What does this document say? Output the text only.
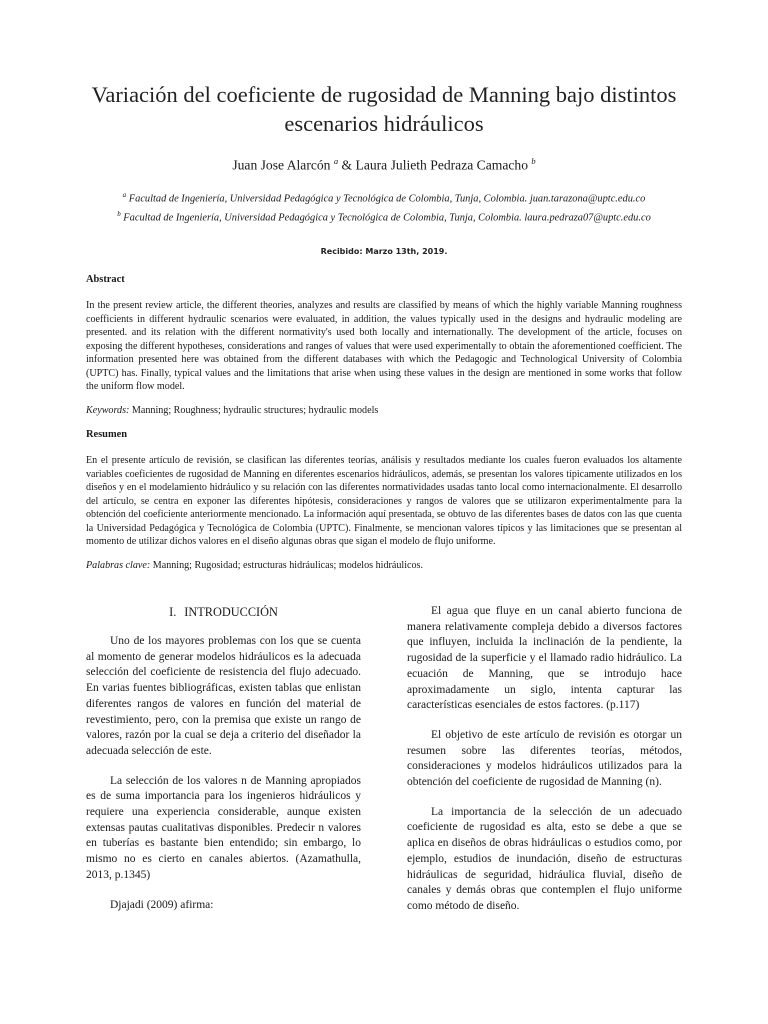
Variación del coeficiente de rugosidad de Manning bajo distintos
escenarios hidráulicos
Juan Jose Alarcón $^a$ & Laura Julieth Pedraza Camacho $^b$
$^a$ Facultad de Ingeniería, Universidad Pedagógica y Tecnológica de Colombia, Tunja, Colombia. juan.tarazona@uptc.edu.co
$^b$ Facultad de Ingeniería, Universidad Pedagógica y Tecnológica de Colombia, Tunja, Colombia. laura.pedraza07@uptc.edu.co
Recibido: Marzo 13th, 2019.
Abstract
In the present review article, the different theories, analyzes and results are classified by means of which the highly variable Manning roughness coefficients in different hydraulic scenarios were evaluated, in addition, the values typically used in the designs and hydraulic modeling are presented. and its relation with the different normativity's used both locally and internationally. The development of the article, focuses on exposing the different hypotheses, considerations and ranges of values that were used experimentally to obtain the aforementioned coefficient. The information presented here was obtained from the different databases with which the Pedagogic and Technological University of Colombia (UPTC) has. Finally, typical values and the limitations that arise when using these values in the design are mentioned in some works that follow the uniform flow model.
Keywords: Manning; Roughness; hydraulic structures; hydraulic models
Resumen
En el presente artículo de revisión, se clasifican las diferentes teorías, análisis y resultados mediante los cuales fueron evaluados los altamente variables coeficientes de rugosidad de Manning en diferentes escenarios hidráulicos, además, se presentan los valores típicamente utilizados en los diseños y en el modelamiento hidráulico y su relación con las diferentes normatividades usadas tanto local como internacionalmente. El desarrollo del artículo, se centra en exponer las diferentes hipótesis, consideraciones y rangos de valores que se utilizaron experimentalmente para la obtención del coeficiente anteriormente mencionado. La información aquí presentada, se obtuvo de las diferentes bases de datos con las que cuenta la Universidad Pedagógica y Tecnológica de Colombia (UPTC). Finalmente, se mencionan valores típicos y las limitaciones que se presentan al momento de utilizar dichos valores en el diseño algunas obras que sigan el modelo de flujo uniforme.
Palabras clave: Manning; Rugosidad; estructuras hidráulicas; modelos hidráulicos.

I. INTRODUCCIÓN

Uno de los mayores problemas con los que se cuenta al momento de generar modelos hidráulicos es la adecuada selección del coeficiente de resistencia del flujo adecuado. En varias fuentes bibliográficas, existen tablas que enlistan diferentes rangos de valores en función del material de revestimiento, pero, con la premisa que existe un rango de valores, razón por la cual se deja a criterio del diseñador la adecuada selección de este.

La selección de los valores n de Manning apropiados es de suma importancia para los ingenieros hidráulicos y requiere una experiencia considerable, aunque existen extensas pautas cualitativas disponibles. Predecir n valores en tuberías es bastante bien entendido; sin embargo, lo mismo no es cierto en canales abiertos. (Azamathulla, 2013, p.1345)

Djajadi (2009) afirma:

El agua que fluye en un canal abierto funciona de manera relativamente compleja debido a diversos factores que influyen, incluida la inclinación de la pendiente, la rugosidad de la superficie y el llamado radio hidráulico. La ecuación de Manning, que se introdujo hace aproximadamente un siglo, intenta capturar las características esenciales de estos factores. (p.117)

El objetivo de este artículo de revisión es otorgar un resumen sobre las diferentes teorías, métodos, consideraciones y modelos hidráulicos utilizados para la obtención del coeficiente de rugosidad de Manning (n).

La importancia de la selección de un adecuado coeficiente de rugosidad es alta, esto se debe a que se aplica en diseños de obras hidráulicas o estudios como, por ejemplo, estudios de inundación, diseño de estructuras hidráulicas de seguridad, hidráulica fluvial, diseño de canales y demás obras que contemplen el flujo uniforme como método de diseño.
